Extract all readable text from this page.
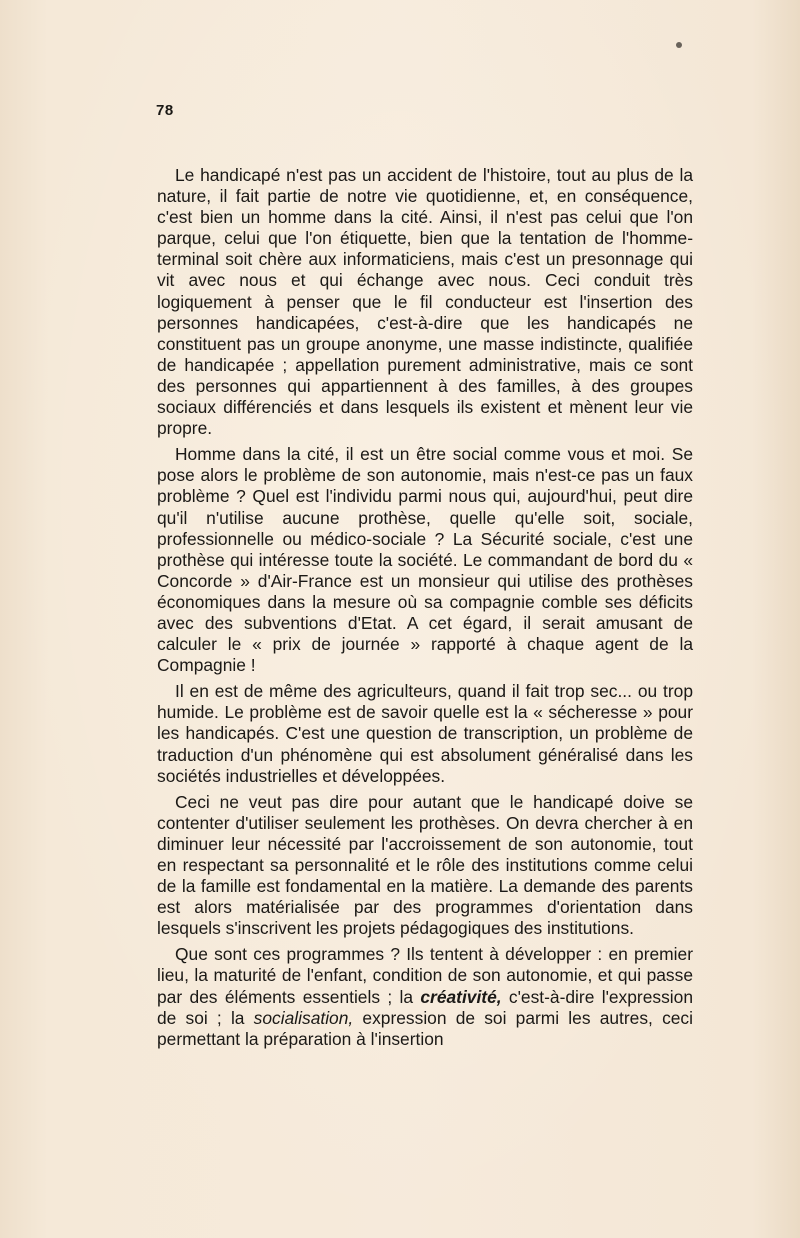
78

Le handicapé n'est pas un accident de l'histoire, tout au plus de la nature, il fait partie de notre vie quotidienne, et, en conséquence, c'est bien un homme dans la cité. Ainsi, il n'est pas celui que l'on parque, celui que l'on étiquette, bien que la tentation de l'homme-terminal soit chère aux informaticiens, mais c'est un presonnage qui vit avec nous et qui échange avec nous. Ceci conduit très logiquement à penser que le fil conducteur est l'insertion des personnes handicapées, c'est-à-dire que les handicapés ne constituent pas un groupe anonyme, une masse indistincte, qualifiée de handicapée ; appellation purement administrative, mais ce sont des personnes qui appartiennent à des familles, à des groupes sociaux différenciés et dans lesquels ils existent et mènent leur vie propre.

Homme dans la cité, il est un être social comme vous et moi. Se pose alors le problème de son autonomie, mais n'est-ce pas un faux problème ? Quel est l'individu parmi nous qui, aujourd'hui, peut dire qu'il n'utilise aucune prothèse, quelle qu'elle soit, sociale, professionnelle ou médico-sociale ? La Sécurité sociale, c'est une prothèse qui intéresse toute la société. Le commandant de bord du « Concorde » d'Air-France est un monsieur qui utilise des prothèses économiques dans la mesure où sa compagnie comble ses déficits avec des subventions d'Etat. A cet égard, il serait amusant de calculer le « prix de journée » rapporté à chaque agent de la Compagnie !

Il en est de même des agriculteurs, quand il fait trop sec... ou trop humide. Le problème est de savoir quelle est la « sécheresse » pour les handicapés. C'est une question de transcription, un problème de traduction d'un phénomène qui est absolument généralisé dans les sociétés industrielles et développées.

Ceci ne veut pas dire pour autant que le handicapé doive se contenter d'utiliser seulement les prothèses. On devra chercher à en diminuer leur nécessité par l'accroissement de son autonomie, tout en respectant sa personnalité et le rôle des institutions comme celui de la famille est fondamental en la matière. La demande des parents est alors matérialisée par des programmes d'orientation dans lesquels s'inscrivent les projets pédagogiques des institutions.

Que sont ces programmes ? Ils tentent à développer : en premier lieu, la maturité de l'enfant, condition de son autonomie, et qui passe par des éléments essentiels ; la créativité, c'est-à-dire l'expression de soi ; la socialisation, expression de soi parmi les autres, ceci permettant la préparation à l'insertion
